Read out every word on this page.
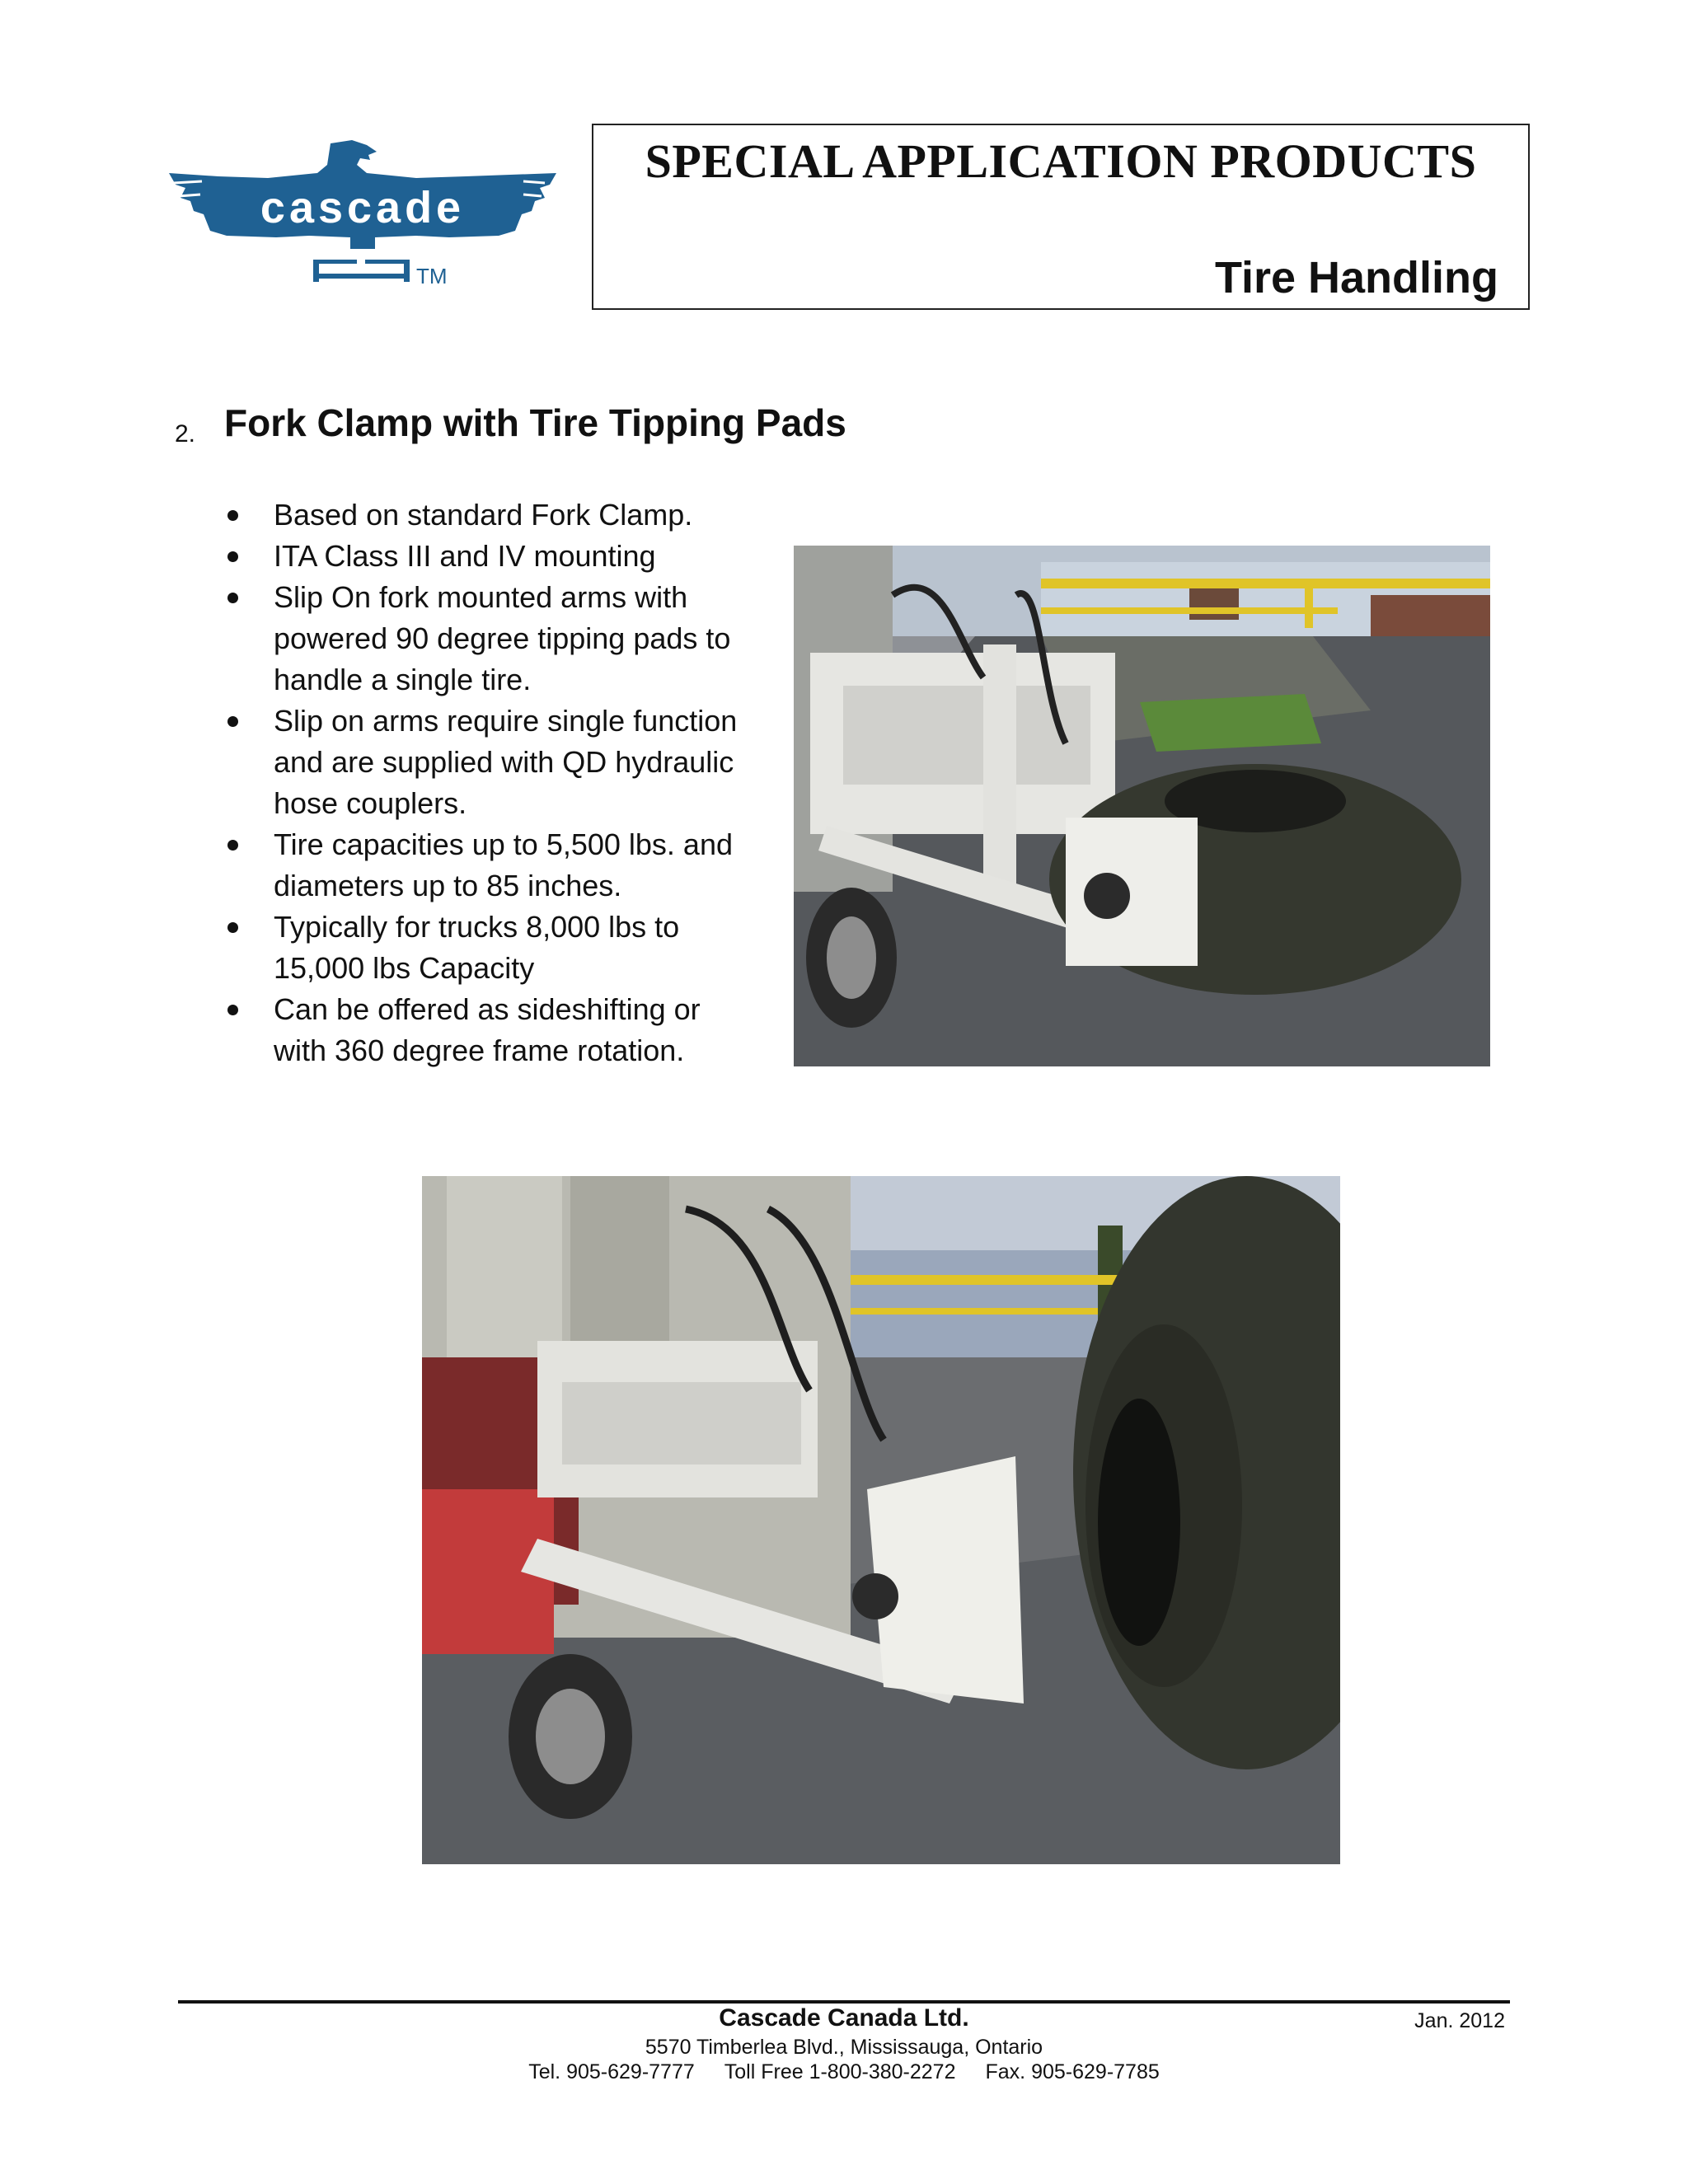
cascade
TM
SPECIAL APPLICATION PRODUCTS
Tire Handling
2. Fork Clamp with Tire Tipping Pads
Based on standard Fork Clamp.
ITA Class III and IV mounting
Slip On fork mounted arms with
powered 90 degree tipping pads to
handle a single tire.
Slip on arms require single function
and are supplied with QD hydraulic
hose couplers.
Tire capacities up to 5,500 lbs. and
diameters up to 85 inches.
Typically for trucks 8,000 lbs to
15,000 lbs Capacity
Can be offered as sideshifting or
with 360 degree frame rotation.
Cascade Canada Ltd.	Jan. 2012
5570 Timberlea Blvd., Mississauga, Ontario
Tel. 905-629-7777 Toll Free 1-800-380-2272 Fax. 905-629-7785
